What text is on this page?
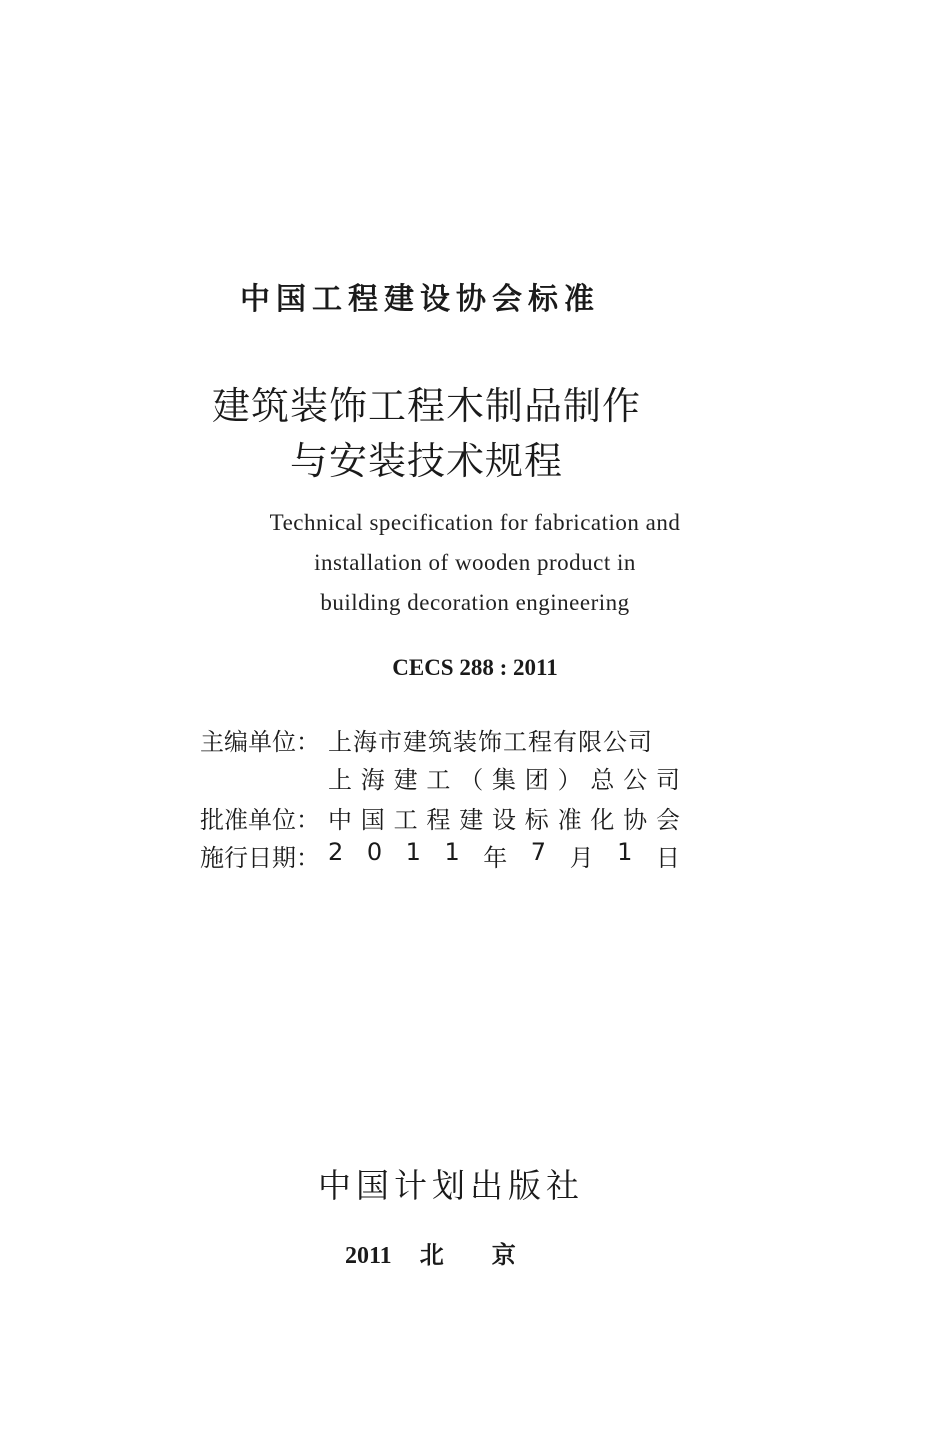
中国工程建设协会标准
建筑装饰工程木制品制作
与安装技术规程
Technical specification for fabrication and
installation of wooden product in
building decoration engineering
CECS 288 : 2011
主编单位： 上海市建筑装饰工程有限公司
上 海 建 工 （ 集 团 ） 总 公 司
批准单位： 中 国 工 程 建 设 标 准 化 协 会
施行日期： 2 0 1 1 年 7 月 1 日
中国计划出版社
2011 北 京
